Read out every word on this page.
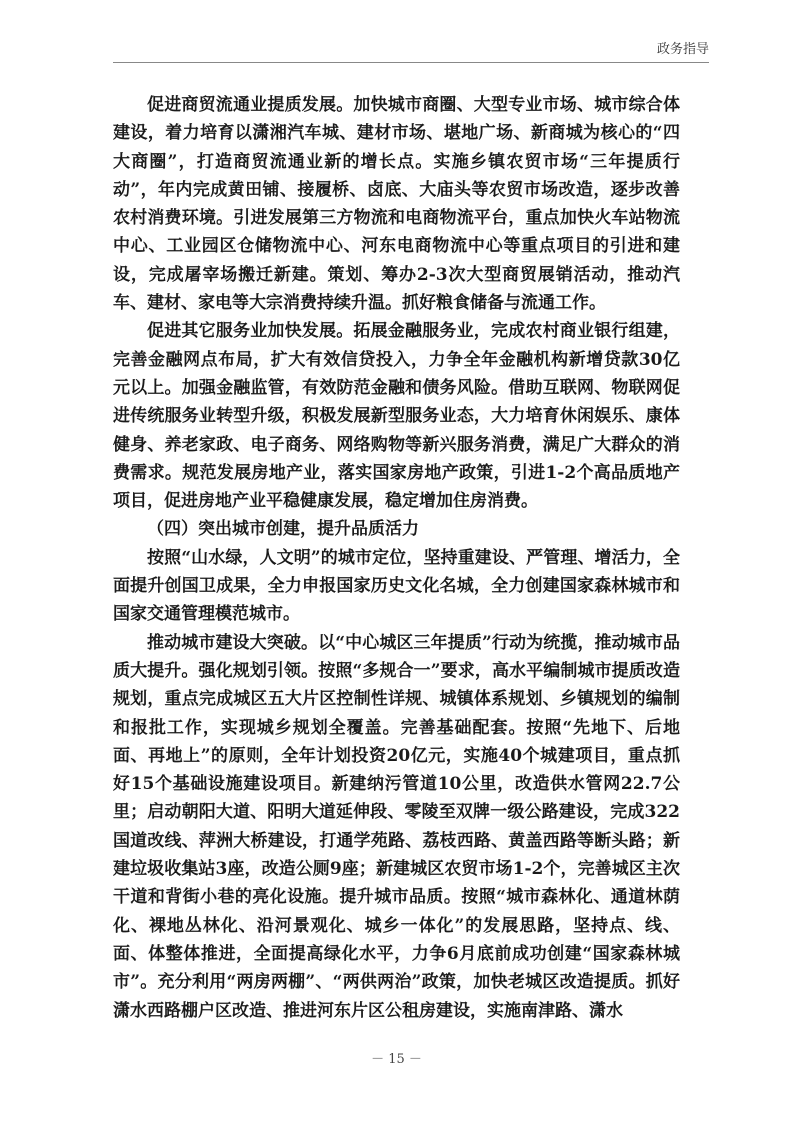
政务指导

促进商贸流通业提质发展。加快城市商圈、大型专业市场、城市综合体建设，着力培育以潇湘汽车城、建材市场、堪地广场、新商城为核心的“四大商圈”，打造商贸流通业新的增长点。实施乡镇农贸市场“三年提质行动”，年内完成黄田铺、接履桥、卤底、大庙头等农贸市场改造，逐步改善农村消费环境。引进发展第三方物流和电商物流平台，重点加快火车站物流中心、工业园区仓储物流中心、河东电商物流中心等重点项目的引进和建设，完成屠宰场搬迁新建。策划、筹办2-3次大型商贸展销活动，推动汽车、建材、家电等大宗消费持续升温。抓好粮食储备与流通工作。

促进其它服务业加快发展。拓展金融服务业，完成农村商业银行组建，完善金融网点布局，扩大有效信贷投入，力争全年金融机构新增贷款30亿元以上。加强金融监管，有效防范金融和债务风险。借助互联网、物联网促进传统服务业转型升级，积极发展新型服务业态，大力培育休闲娱乐、康体健身、养老家政、电子商务、网络购物等新兴服务消费，满足广大群众的消费需求。规范发展房地产业，落实国家房地产政策，引进1-2个高品质地产项目，促进房地产业平稳健康发展，稳定增加住房消费。

（四）突出城市创建，提升品质活力

按照“山水绿，人文明”的城市定位，坚持重建设、严管理、增活力，全面提升创国卫成果，全力申报国家历史文化名城，全力创建国家森林城市和国家交通管理模范城市。

推动城市建设大突破。以“中心城区三年提质”行动为统揽，推动城市品质大提升。强化规划引领。按照“多规合一”要求，高水平编制城市提质改造规划，重点完成城区五大片区控制性详规、城镇体系规划、乡镇规划的编制和报批工作，实现城乡规划全覆盖。完善基础配套。按照“先地下、后地面、再地上”的原则，全年计划投资20亿元，实施40个城建项目，重点抓好15个基础设施建设项目。新建纳污管道10公里，改造供水管网22.7公里；启动朝阳大道、阳明大道延伸段、零陵至双牌一级公路建设，完成322国道改线、萍洲大桥建设，打通学苑路、荔枝西路、黄盖西路等断头路；新建垃圾收集站3座，改造公厕9座；新建城区农贸市场1-2个，完善城区主次干道和背街小巷的亮化设施。提升城市品质。按照“城市森林化、通道林荫化、裸地丛林化、沿河景观化、城乡一体化”的发展思路，坚持点、线、面、体整体推进，全面提高绿化水平，力争6月底前成功创建“国家森林城市”。充分利用“两房两棚”、“两供两治”政策，加快老城区改造提质。抓好潇水西路棚户区改造、推进河东片区公租房建设，实施南津路、潇水

－ 15 －
